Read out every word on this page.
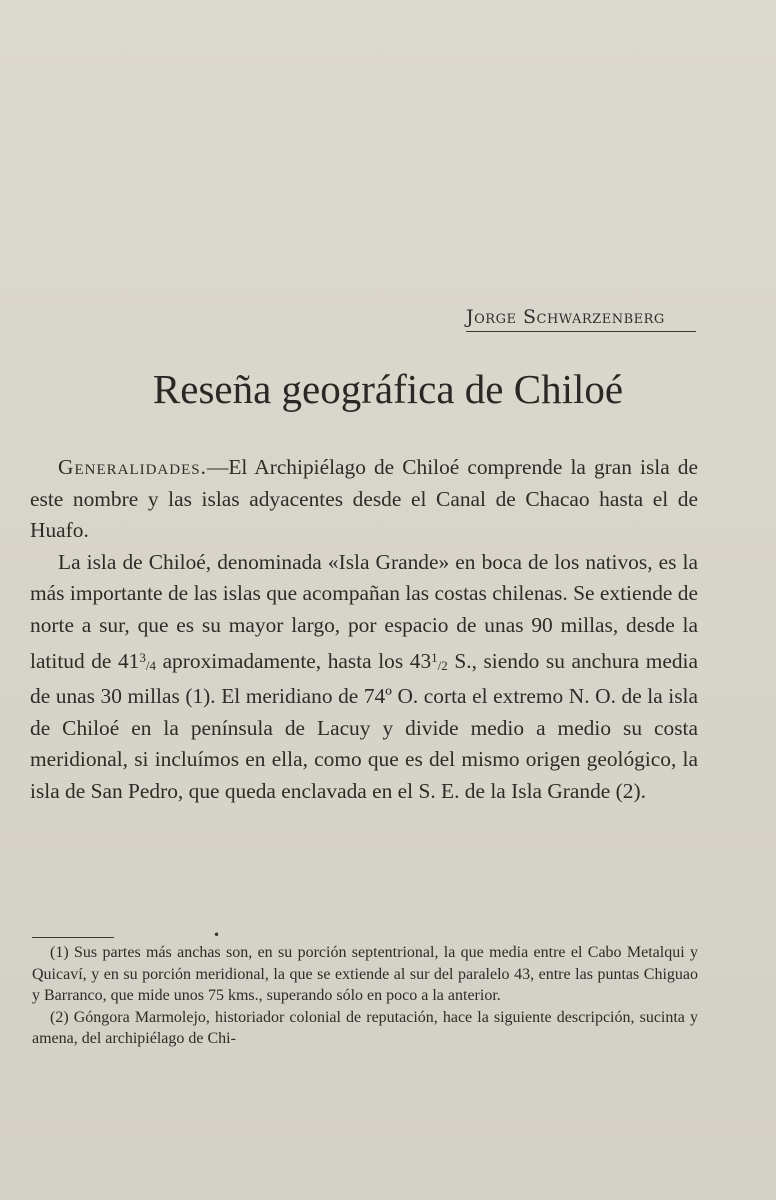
Jorge Schwarzenberg
Reseña geográfica de Chiloé

Generalidades.—El Archipiélago de Chiloé comprende la gran isla de este nombre y las islas adyacentes desde el Canal de Chacao hasta el de Huafo.

La isla de Chiloé, denominada «Isla Grande» en boca de los nativos, es la más importante de las islas que acompañan las costas chilenas. Se extiende de norte a sur, que es su mayor largo, por espacio de unas 90 millas, desde la latitud de $41^3/4$ aproximadamente, hasta los $43^1/2$ S., siendo su anchura media de unas 30 millas (1). El meridiano de 74º O. corta el extremo N. O. de la isla de Chiloé en la península de Lacuy y divide medio a medio su costa meridional, si incluímos en ella, como que es del mismo origen geológico, la isla de San Pedro, que queda enclavada en el S. E. de la Isla Grande (2).

•

(1) Sus partes más anchas son, en su porción septentrional, la que media entre el Cabo Metalqui y Quicaví, y en su porción meridional, la que se extiende al sur del paralelo 43, entre las puntas Chiguao y Barranco, que mide unos 75 kms., superando sólo en poco a la anterior.

(2) Góngora Marmolejo, historiador colonial de reputación, hace la siguiente descripción, sucinta y amena, del archipiélago de Chi-
